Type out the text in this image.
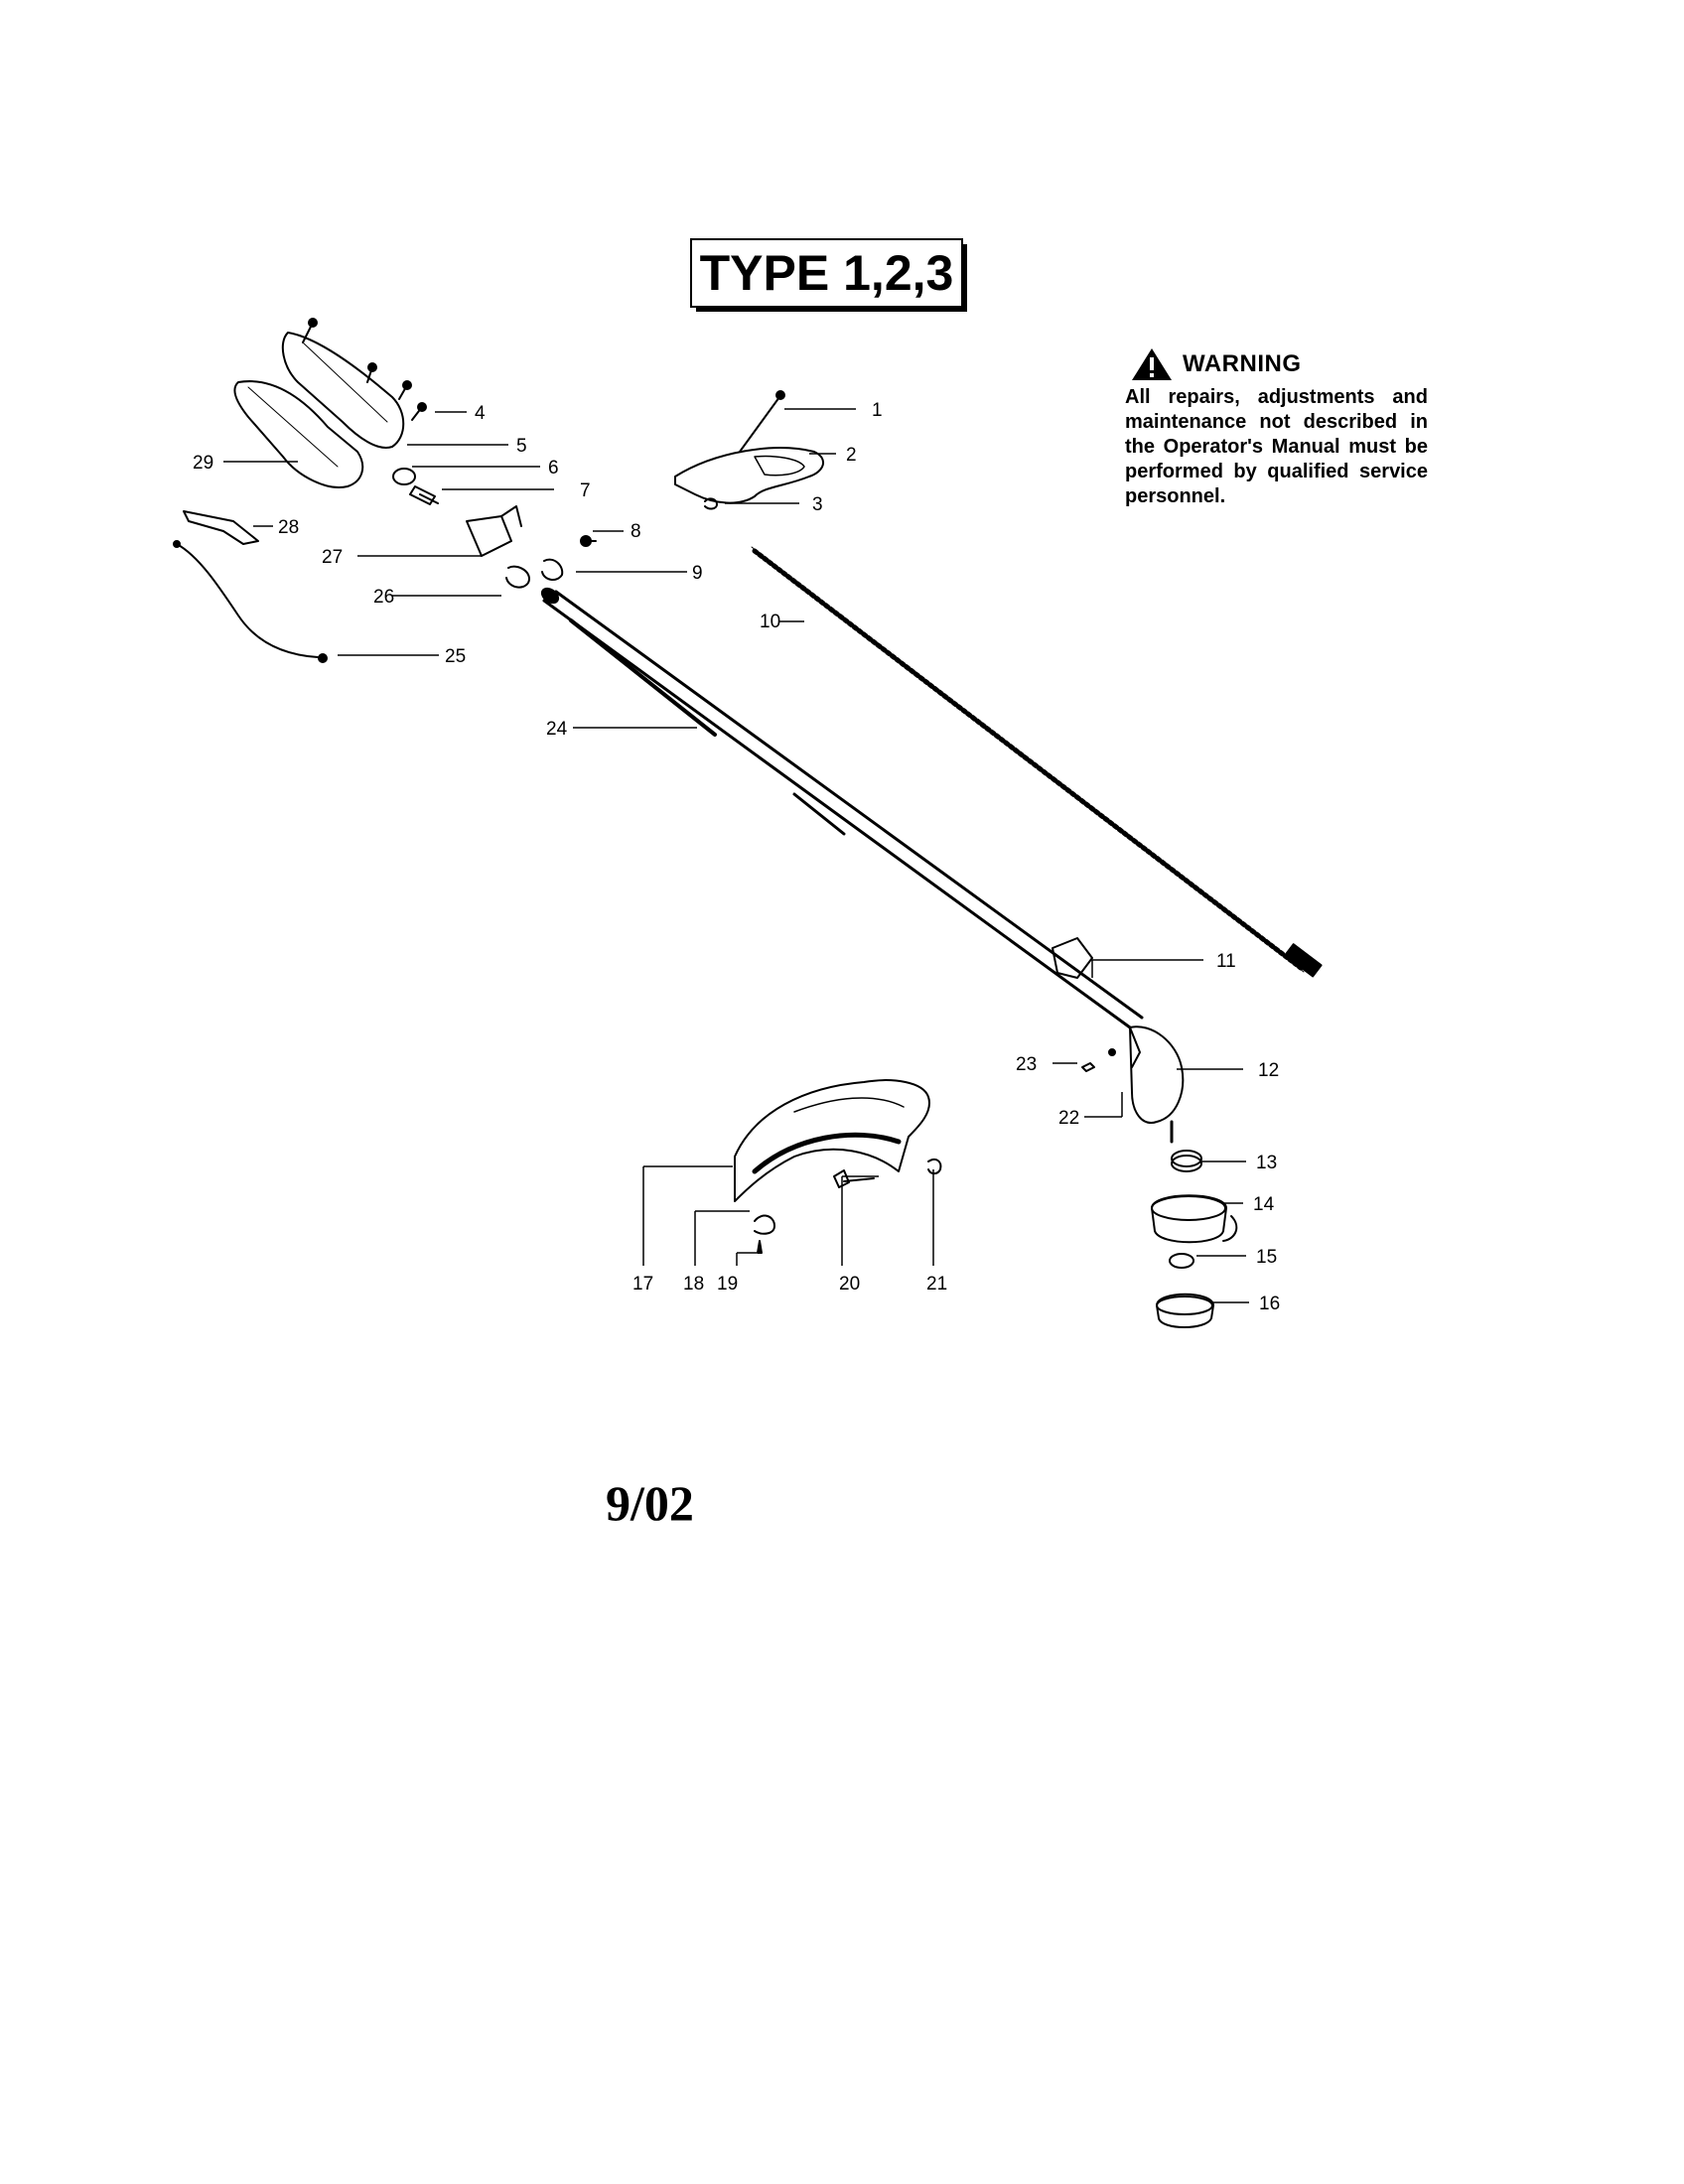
TYPE 1,2,3
WARNING
All repairs, adjustments and maintenance not described in the Operator's Manual must be performed by qualified service personnel.
9/02
1
2
3
4
5
6
7
8
9
10
11
12
13
14
15
16
17 18 19	20	21
22
23
24
25
26
27
28
29
